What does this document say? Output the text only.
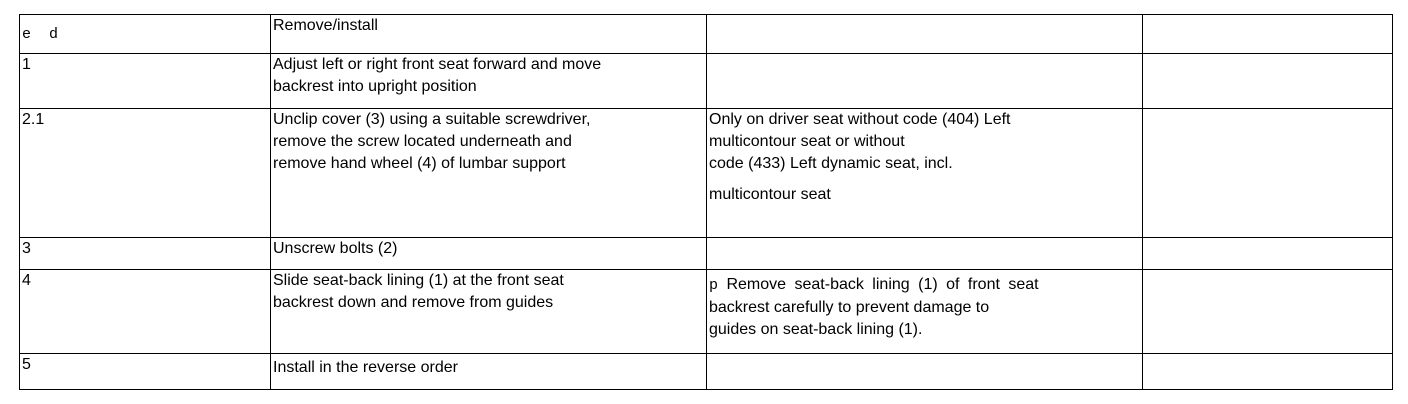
e  d	Remove/install		
1	Adjust left or right front seat forward and move
backrest into upright position		

2.1	Unclip cover (3) using a suitable screwdriver,
remove the screw located underneath and
remove hand wheel (4) of lumbar support	Only on driver seat without code (404) Left
multicontour seat or without
code (433) Left dynamic seat, incl.
multicontour seat	

3	Unscrew bolts (2)		

4	Slide seat-back lining (1) at the front seat
backrest down and remove from guides	p Remove seat-back lining (1) of front seat
backrest carefully to prevent damage to
guides on seat-back lining (1).	

5	Install in the reverse order		
